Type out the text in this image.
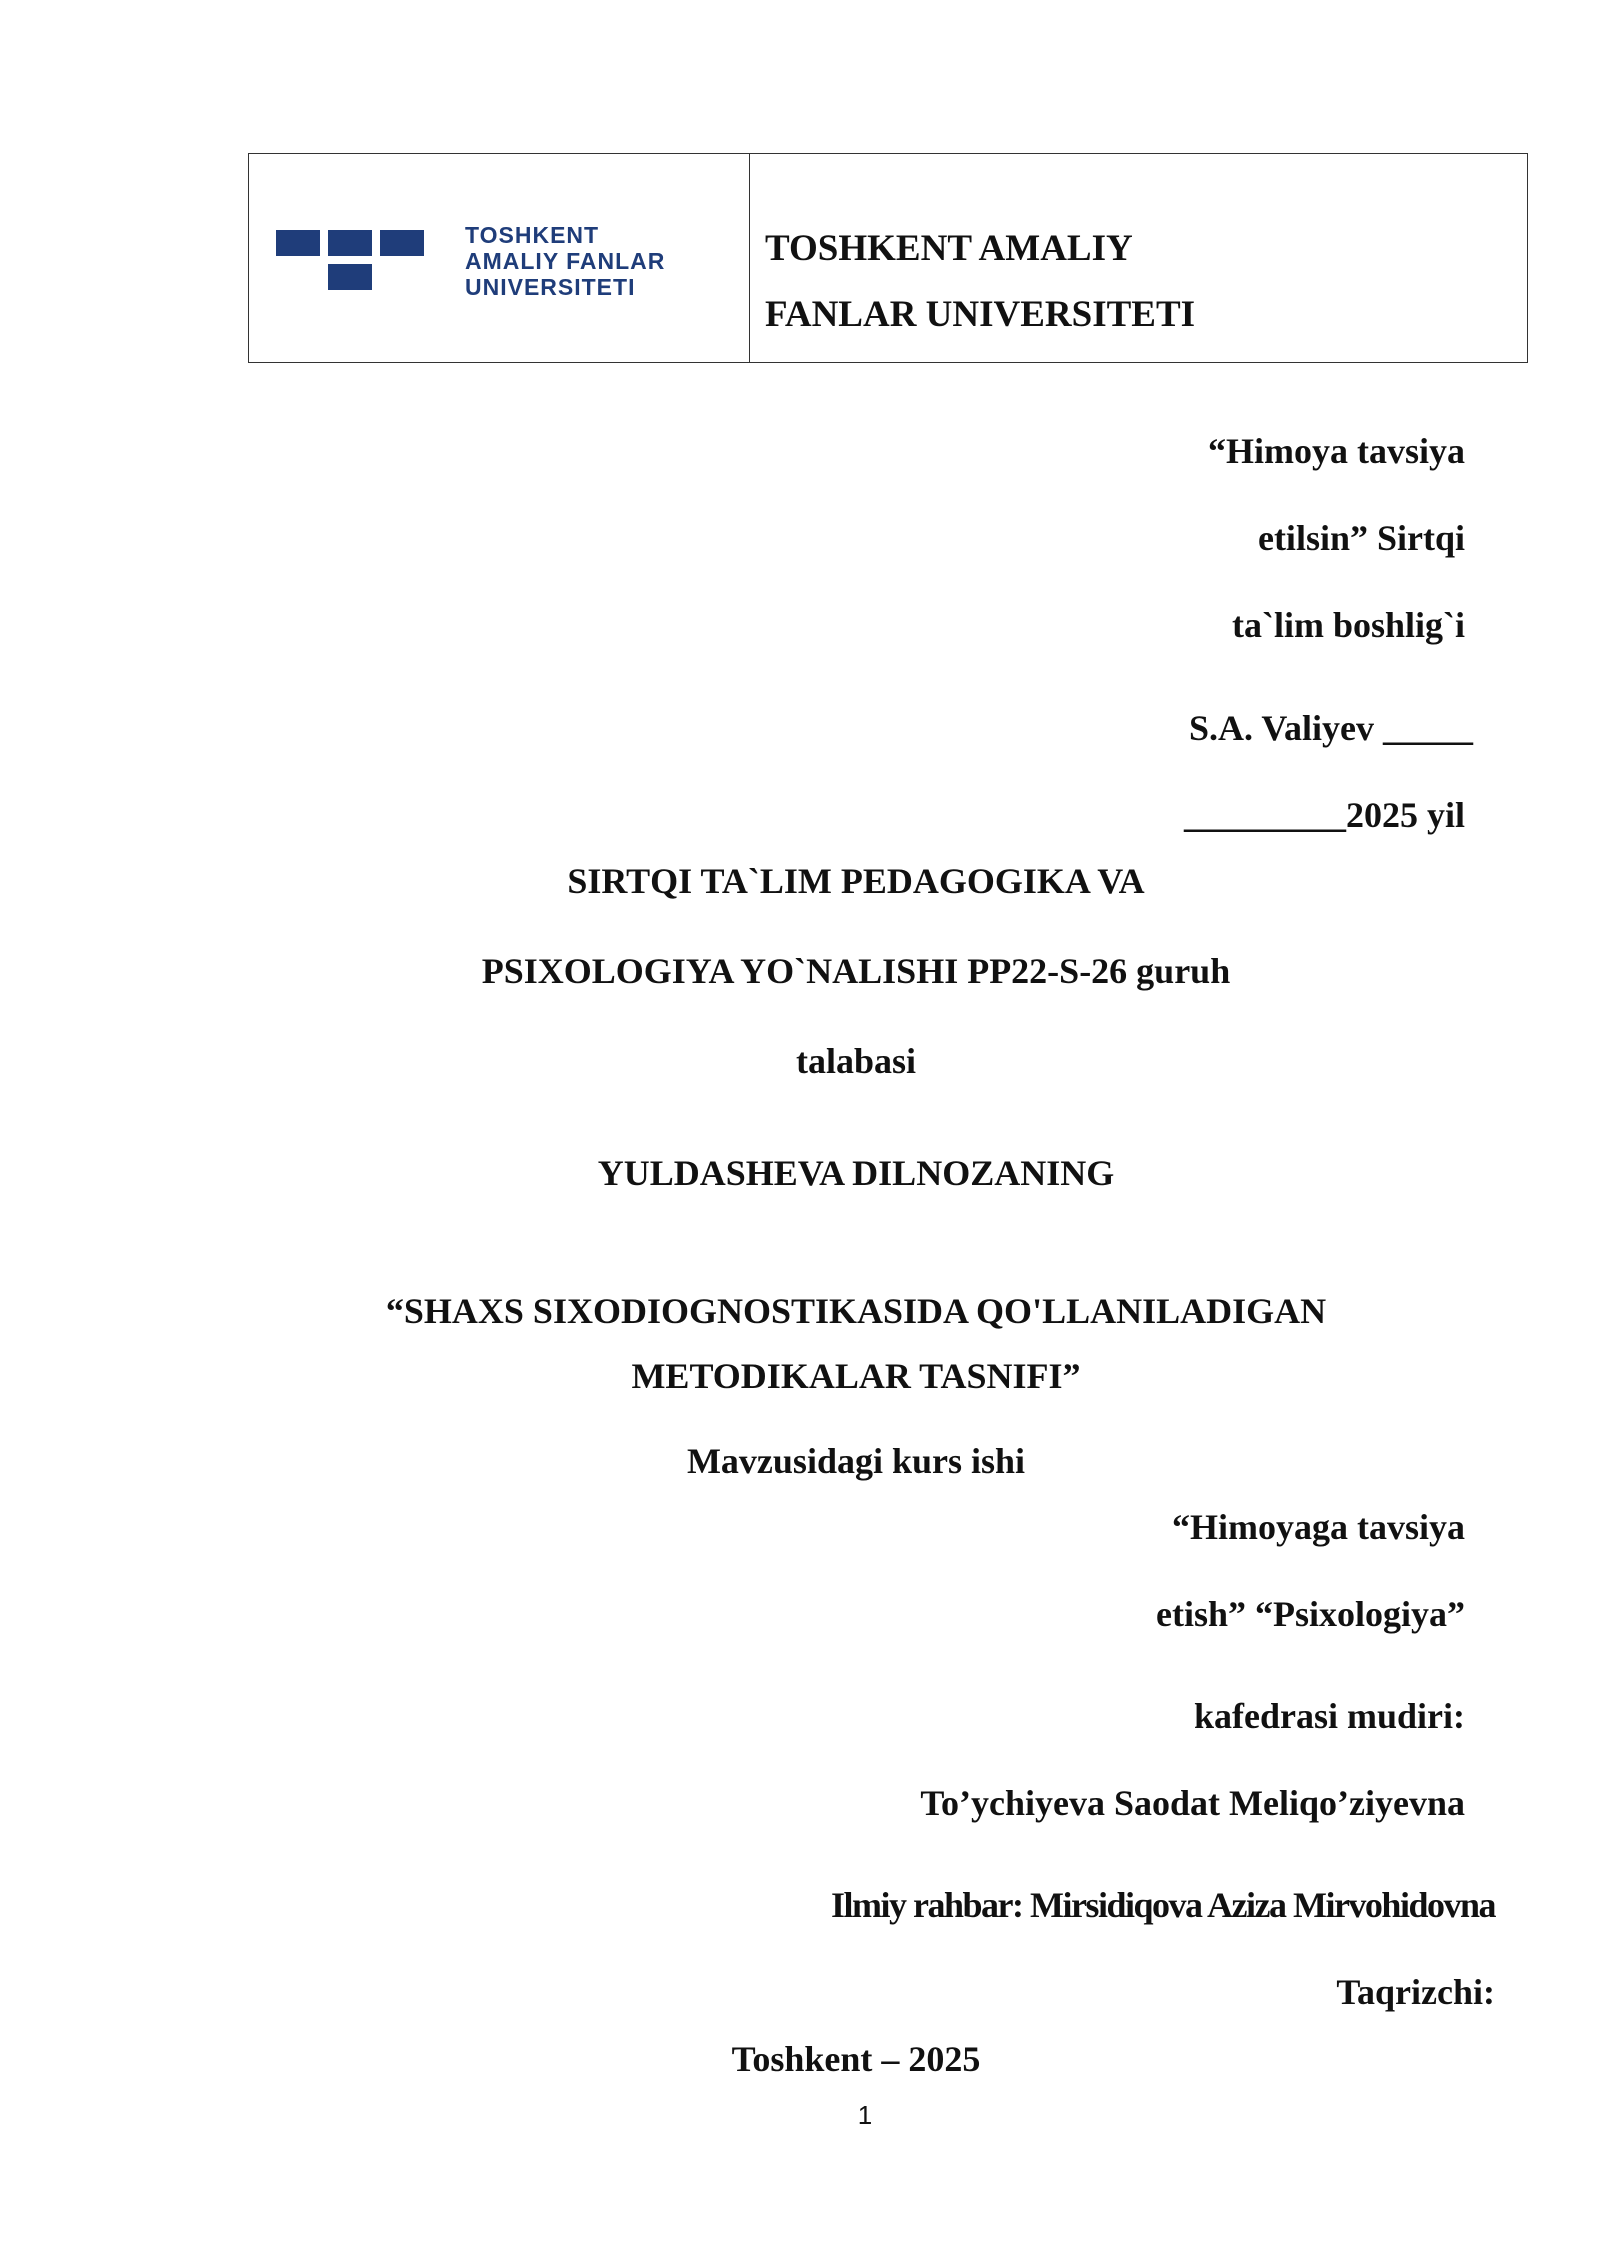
TOSHKENT
AMALIY FANLAR
UNIVERSITETI
TOSHKENT AMALIY
FANLAR UNIVERSITETI
“Himoya tavsiya
etilsin” Sirtqi
ta`lim boshlig`i
S.A. Valiyev _____
_________2025 yil
SIRTQI TA`LIM PEDAGOGIKA VA
PSIXOLOGIYA YO`NALISHI PP22-S-26 guruh
talabasi
YULDASHEVA DILNOZANING
“SHAXS SIXODIOGNOSTIKASIDA QO'LLANILADIGAN
METODIKALAR TASNIFI”
Mavzusidagi kurs ishi
“Himoyaga tavsiya
etish” “Psixologiya”
kafedrasi mudiri:
To’ychiyeva Saodat Meliqo’ziyevna
Ilmiy rahbar: Mirsidiqova Aziza Mirvohidovna
Taqrizchi:
Toshkent – 2025
1
